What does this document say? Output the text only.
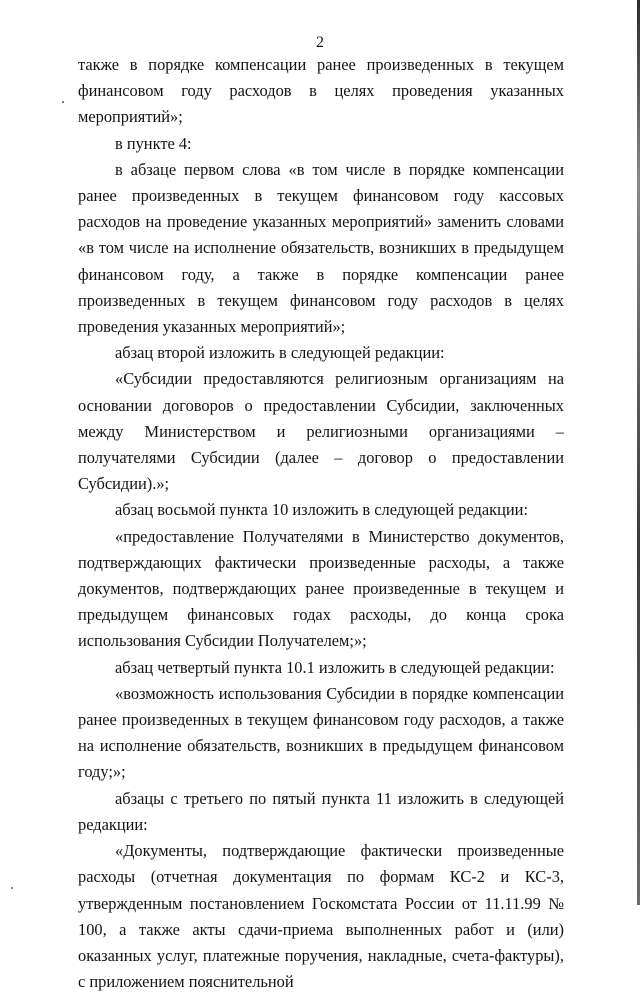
2

также в порядке компенсации ранее произведенных в текущем финансовом году расходов в целях проведения указанных мероприятий»;

в пункте 4:

в абзаце первом слова «в том числе в порядке компенсации ранее произведенных в текущем финансовом году кассовых расходов на проведение указанных мероприятий» заменить словами «в том числе на исполнение обязательств, возникших в предыдущем финансовом году, а также в порядке компенсации ранее произведенных в текущем финансовом году расходов в целях проведения указанных мероприятий»;

абзац второй изложить в следующей редакции:

«Субсидии предоставляются религиозным организациям на основании договоров о предоставлении Субсидии, заключенных между Министерством и религиозными организациями – получателями Субсидии (далее – договор о предоставлении Субсидии).»;

абзац восьмой пункта 10 изложить в следующей редакции:

«предоставление Получателями в Министерство документов, подтверждающих фактически произведенные расходы, а также документов, подтверждающих ранее произведенные в текущем и предыдущем финансовых годах расходы, до конца срока использования Субсидии Получателем;»;

абзац четвертый пункта 10.1 изложить в следующей редакции:

«возможность использования Субсидии в порядке компенсации ранее произведенных в текущем финансовом году расходов, а также на исполнение обязательств, возникших в предыдущем финансовом году;»;

абзацы с третьего по пятый пункта 11 изложить в следующей редакции:

«Документы, подтверждающие фактически произведенные расходы (отчетная документация по формам КС-2 и КС-3, утвержденным постановлением Госкомстата России от 11.11.99 № 100, а также акты сдачи-приема выполненных работ и (или) оказанных услуг, платежные поручения, накладные, счета-фактуры), с приложением пояснительной
